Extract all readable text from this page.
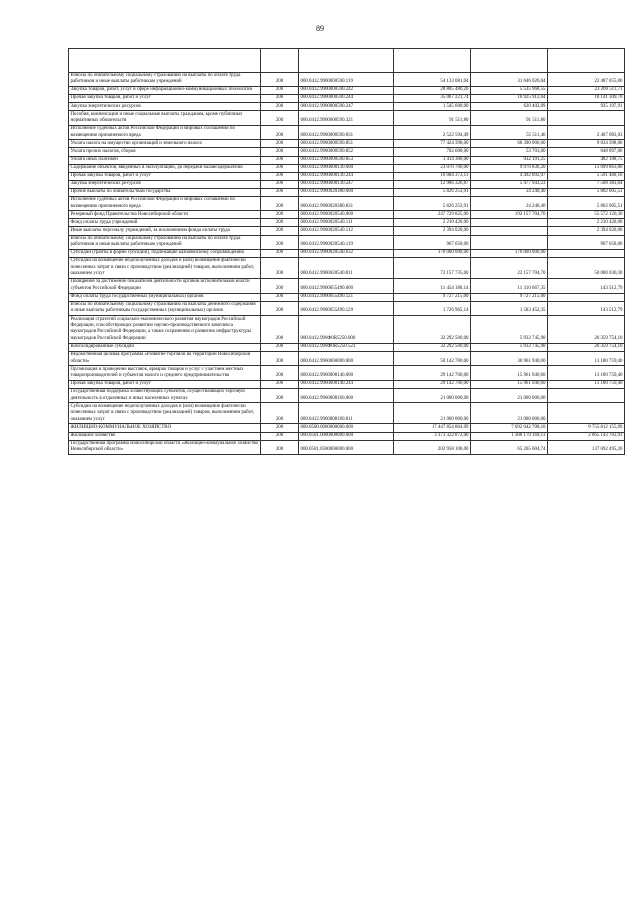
89

Взносы по обязательному социальному страхованию на выплаты по оплате труда работников и иные выплаты работникам учреждений	200	000.0412.9900000590.119	54 133 081,04	31 646 026,04	22 487 055,00
Закупка товаров, работ, услуг в сфере информационно-коммуникационных технологий	200	000.0412.9900000590.242	28 805 480,26	5 535 968,55	23 269 511,71
Прочая закупка товаров, работ и услуг	200	000.0412.9900000590.244	35 067 221,74	16 925 912,04	18 141 309,70
Закупка энергетических ресурсов	200	000.0412.9900000590.247	1 545 600,00	620 402,09	925 197,91
Пособия, компенсации и иные социальные выплаты гражданам, кроме публичных нормативных обязательств	200	000.0412.9900000590.321	91 511,80	91 511,80	
Исполнение судебных актов Российской Федерации и мировых соглашений по возмещению причиненного вреда	200	000.0412.9900000590.831	2 522 594,49	55 511,46	2 467 083,03
Уплата налога на имущество организаций и земельного налога	200	000.0412.9900000590.851	77 424 398,00	68 390 000,00	9 034 398,00
Уплата прочих налогов, сборов	200	000.0412.9900000590.852	702 600,00	53 703,00	648 897,00
Уплата иных платежей	200	000.0412.9900000590.853	1 414 300,00	932 191,25	482 108,75
Содержание объектов, введенных в эксплуатацию, до передачи балансодержателю	200	000.0412.9900008130.000	23 070 700,00	9 970 836,20	13 099 863,80
Прочая закупка товаров, работ и услуг	200	000.0412.9900008130.244	10 084 373,13	4 492 892,97	5 591 480,16
Закупка энергетических ресурсов	200	000.0412.9900008130.247	12 986 326,87	5 477 943,23	7 508 383,64
Прочие выплаты по обязательствам государства	200	000.0412.9900020380.000	5 826 253,91	24 248,40	5 802 005,51
Исполнение судебных актов Российской Федерации и мировых соглашений по возмещению причиненного вреда	200	000.0412.9900020380.831	5 826 253,91	24 248,40	5 802 005,51
Резервный фонд Правительства Новосибирской области	200	000.0412.9900020540.000	247 729 825,00	192 157 704,70	55 572 120,30
Фонд оплаты труда учреждений	200	000.0412.9900020540.111	2 210 420,00		2 210 420,00
Иные выплаты персоналу учреждений, за исключением фонда оплаты труда	200	000.0412.9900020540.112	2 394 020,00		2 394 020,00
Взносы по обязательному социальному страхованию на выплаты по оплате труда работников и иные выплаты работникам учреждений	200	000.0412.9900020540.119	967 650,00		967 650,00
Субсидии (гранты в форме субсидий), подлежащие казначейскому сопровождению	200	000.0412.9900020540.632	170 000 000,00	170 000 000,00	
Субсидии на возмещение недополученных доходов и (или) возмещение фактически понесенных затрат в связи с производством (реализацией) товаров, выполнением работ, оказанием услуг	200	000.0412.9900020540.811	72 157 735,00	22 157 704,70	50 000 030,30
Поощрение за достижение показателей деятельности органов исполнительной власти субъектов Российской Федерации	200	000.0412.9900055490.000	11 454 180,14	11 310 667,35	143 512,79
Фонд оплаты труда государственных (муниципальных) органов	200	000.0412.9900055490.121	9 727 215,00	9 727 215,00	
Взносы по обязательному социальному страхованию на выплаты денежного содержания и иные выплаты работникам государственных (муниципальных) органов	200	000.0412.9900055490.129	1 726 965,14	1 583 452,35	143 512,79
Реализация стратегий социально-экономического развития наукоградов Российской Федерации, способствующих развитию научно-производственного комплекса наукоградов Российской Федерации, а также сохранению и развитию инфраструктуры наукоградов Российской Федерации	200	000.0412.990Ф0R5250.000	32 292 500,00	5 932 745,90	26 359 754,10
Консолидированные субсидии	200	000.0412.990Ф0R5250.523	32 292 500,00	5 932 745,90	26 359 754,10
Ведомственная целевая программа «Развитие торговли на территории Новосибирской области»	200	000.0412.9960000000.000	50 142 700,00	36 961 940,60	13 180 759,40
Организация и проведение выставок, ярмарок товаров и услуг с участием местных товаропроизводителей и субъектов малого и среднего предпринимательства	200	000.0412.9960008140.000	29 142 700,00	15 961 940,60	13 180 759,40
Прочая закупка товаров, работ и услуг	200	000.0412.9960008140.244	29 142 700,00	15 961 940,60	13 180 759,40
Государственная поддержка хозяйствующих субъектов, осуществляющих торговую деятельность в отдаленных и иных населенных пунктах	200	000.0412.9960008160.000	21 000 000,00	21 000 000,00	
Субсидии на возмещение недополученных доходов и (или) возмещение фактически понесенных затрат в связи с производством (реализацией) товаров, выполнением работ, оказанием услуг	200	000.0412.9960008160.811	21 000 000,00	21 000 000,00	
ЖИЛИЩНО-КОММУНАЛЬНОЕ ХОЗЯЙСТВО	200	000.0500.0000000000.000	17 447 854 864,09	7 692 042 708,10	9 755 812 155,99
Жилищное хозяйство	200	000.0501.0000000000.000	3 373 322 872,06	1 308 179 169,13	2 065 143 702,93
Государственная программа Новосибирской области «Жилищно-коммунальное хозяйство Новосибирской области»	200	000.0501.0500000000.000	202 958 100,00	65 265 604,74	137 692 495,26
